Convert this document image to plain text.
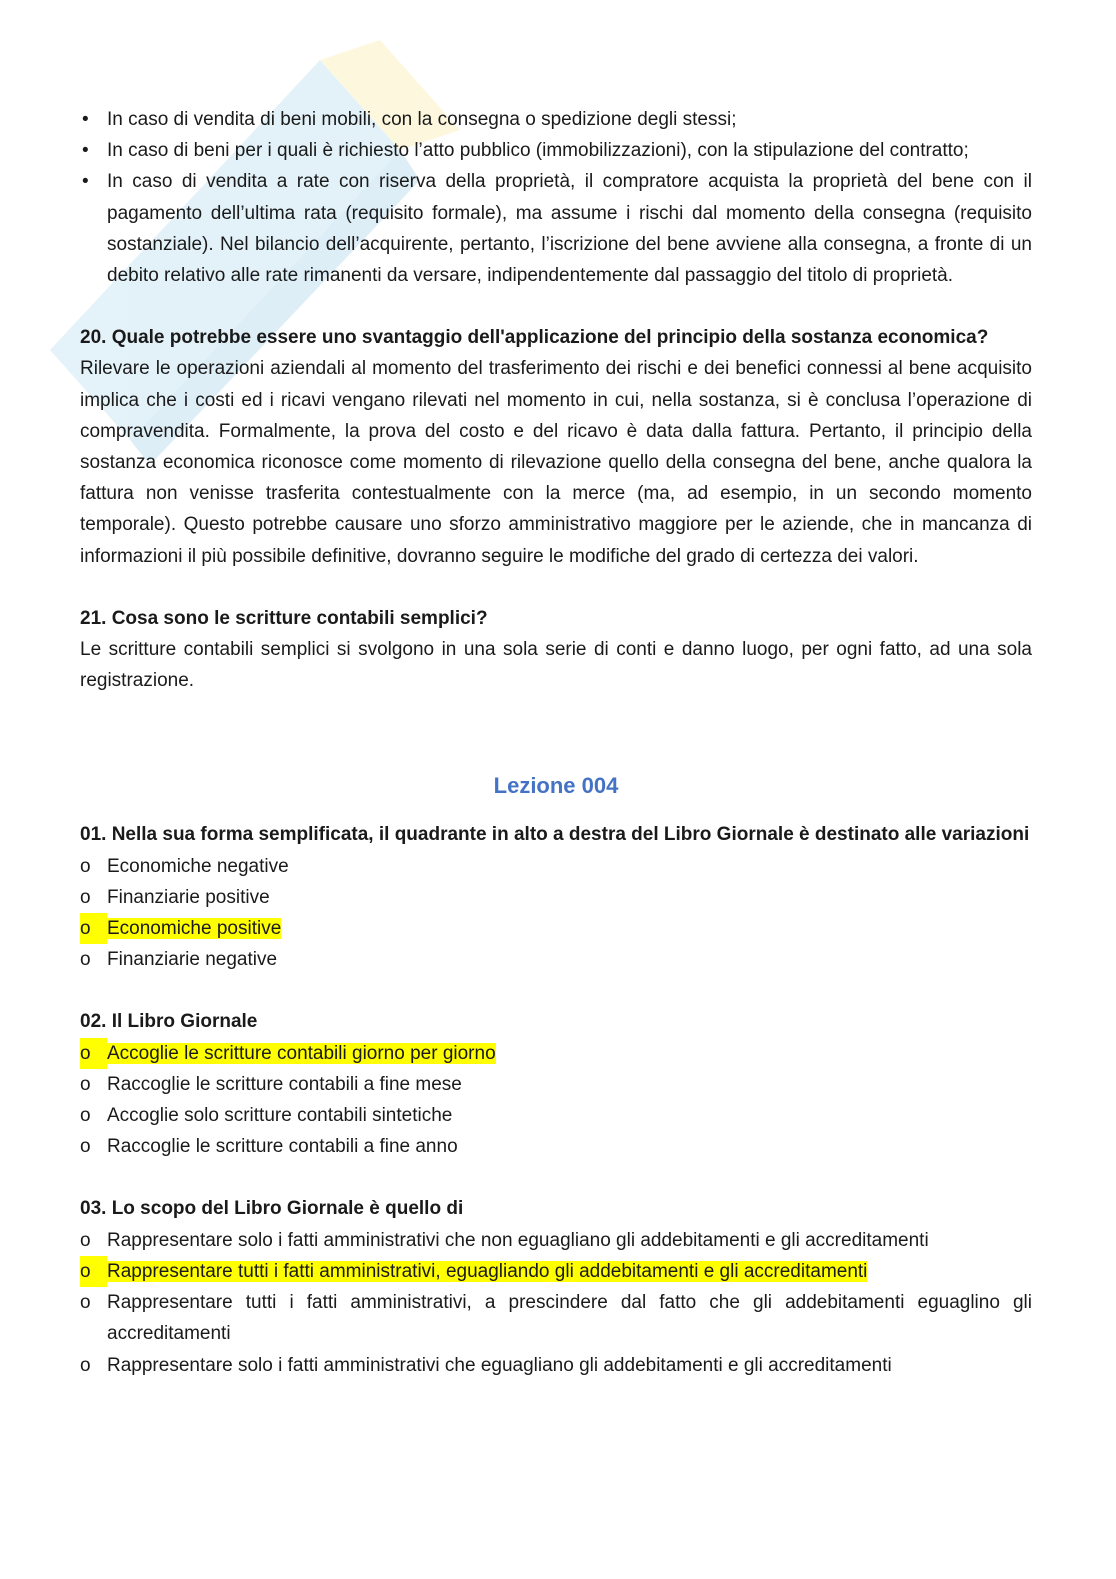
• In caso di vendita di beni mobili, con la consegna o spedizione degli stessi;
• In caso di beni per i quali è richiesto l’atto pubblico (immobilizzazioni), con la stipulazione del contratto;
• In caso di vendita a rate con riserva della proprietà, il compratore acquista la proprietà del bene con il pagamento dell’ultima rata (requisito formale), ma assume i rischi dal momento della consegna (requisito sostanziale). Nel bilancio dell’acquirente, pertanto, l’iscrizione del bene avviene alla consegna, a fronte di un debito relativo alle rate rimanenti da versare, indipendentemente dal passaggio del titolo di proprietà.

20. Quale potrebbe essere uno svantaggio dell'applicazione del principio della sostanza economica?

Rilevare le operazioni aziendali al momento del trasferimento dei rischi e dei benefici connessi al bene acquisito implica che i costi ed i ricavi vengano rilevati nel momento in cui, nella sostanza, si è conclusa l’operazione di compravendita. Formalmente, la prova del costo e del ricavo è data dalla fattura. Pertanto, il principio della sostanza economica riconosce come momento di rilevazione quello della consegna del bene, anche qualora la fattura non venisse trasferita contestualmente con la merce (ma, ad esempio, in un secondo momento temporale). Questo potrebbe causare uno sforzo amministrativo maggiore per le aziende, che in mancanza di informazioni il più possibile definitive, dovranno seguire le modifiche del grado di certezza dei valori.

21. Cosa sono le scritture contabili semplici?

Le scritture contabili semplici si svolgono in una sola serie di conti e danno luogo, per ogni fatto, ad una sola registrazione.

Lezione 004

01. Nella sua forma semplificata, il quadrante in alto a destra del Libro Giornale è destinato alle variazioni

o Economiche negative
o Finanziarie positive
o Economiche positive
o Finanziarie negative

02. Il Libro Giornale

o Accoglie le scritture contabili giorno per giorno
o Raccoglie le scritture contabili a fine mese
o Accoglie solo scritture contabili sintetiche
o Raccoglie le scritture contabili a fine anno

03. Lo scopo del Libro Giornale è quello di

o Rappresentare solo i fatti amministrativi che non eguagliano gli addebitamenti e gli accreditamenti
o Rappresentare tutti i fatti amministrativi, eguagliando gli addebitamenti e gli accreditamenti
o Rappresentare tutti i fatti amministrativi, a prescindere dal fatto che gli addebitamenti eguaglino gli accreditamenti
o Rappresentare solo i fatti amministrativi che eguagliano gli addebitamenti e gli accreditamenti
